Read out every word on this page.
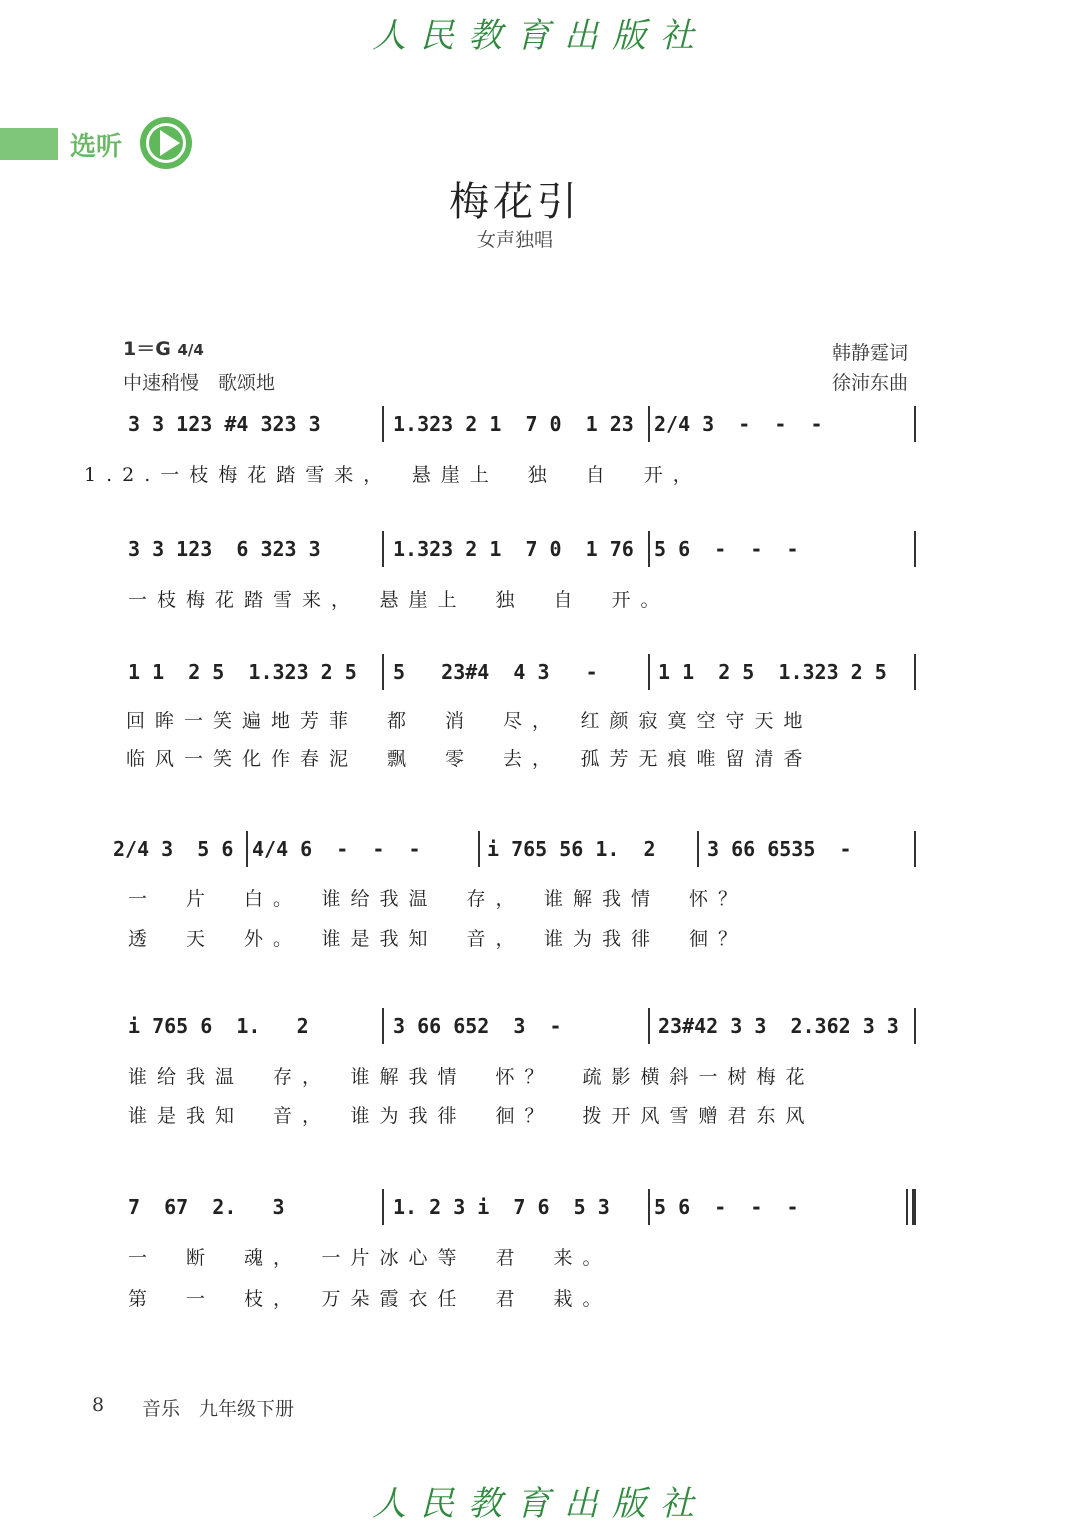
人民教育出版社
选听
梅花引
女声独唱
1＝G 4/4
中速稍慢　歌颂地
韩静霆词
徐沛东曲
3 3 123 #4 323 3	1.323 2 1  7 0  1 23 2/4 3  -  -  -
1.2.一枝梅花踏雪来，　悬崖上　独　自　开，
3 3 123  6 323 3	1.323 2 1  7 0  1 76 5 6  -  -  -
一枝梅花踏雪来，　悬崖上　独　自　开。
1 1  2 5  1.323 2 5 5   23#4  4 3   -	1 1  2 5  1.323 2 5
回眸一笑遍地芳菲　都　消　尽，　红颜寂寞空守天地
临风一笑化作春泥　飘　零　去，　孤芳无痕唯留清香
2/4 3  5 6 4/4 6  -  -  -	i 765 56 1.  2	3 66 6535  -
一　片　白。　谁给我温　存，　谁解我情　怀？
透　天　外。　谁是我知　音，　谁为我徘　徊？
i 765 6  1.   2	3 66 652  3  -	23#42 3 3  2.362 3 3
谁给我温　存，　谁解我情　怀？　疏影横斜一树梅花
谁是我知　音，　谁为我徘　徊？　拨开风雪赠君东风
7  67  2.   3	1. 2 3 i  7 6  5 3 5 6  -  -  -
一　断　魂，　一片冰心等　君　来。
第　一　枝，　万朵霞衣任　君　栽。
8 音乐　九年级下册
人民教育出版社
